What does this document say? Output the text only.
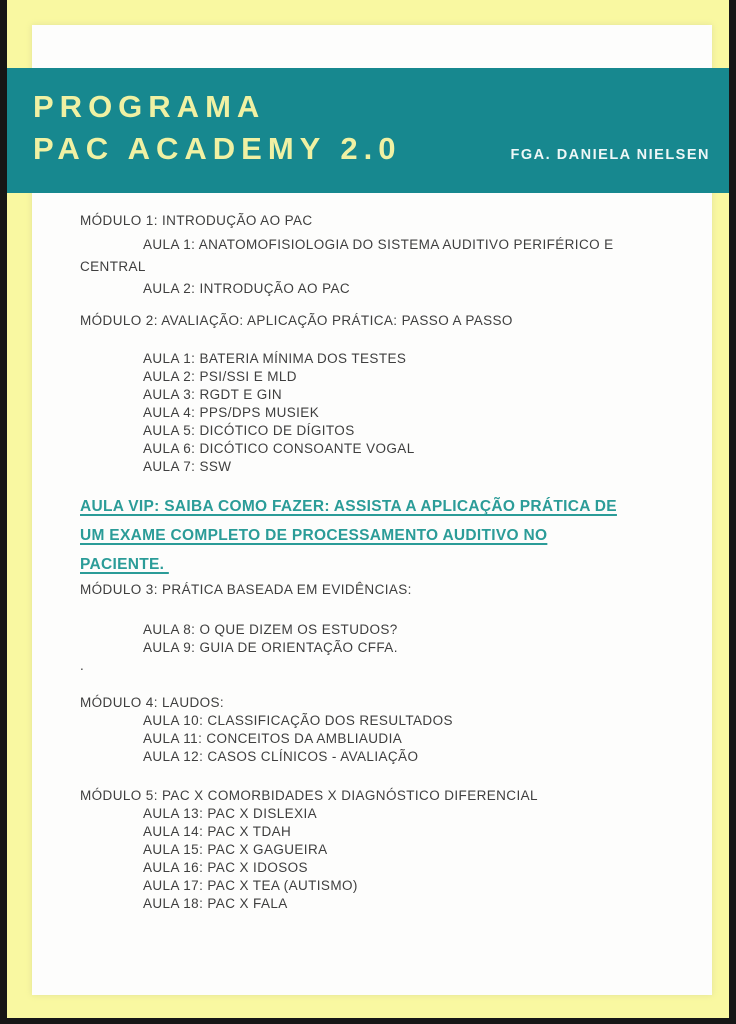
PROGRAMA
PAC ACADEMY 2.0	FGA. DANIELA NIELSEN
MÓDULO 1: INTRODUÇÃO AO PAC
AULA 1: ANATOMOFISIOLOGIA DO SISTEMA AUDITIVO PERIFÉRICO E
CENTRAL
AULA 2: INTRODUÇÃO AO PAC
MÓDULO 2: AVALIAÇÃO: APLICAÇÃO PRÁTICA: PASSO A PASSO
AULA 1: BATERIA MÍNIMA DOS TESTES
AULA 2: PSI/SSI E MLD
AULA 3: RGDT E GIN
AULA 4: PPS/DPS MUSIEK
AULA 5: DICÓTICO DE DÍGITOS
AULA 6: DICÓTICO CONSOANTE VOGAL
AULA 7: SSW
AULA VIP: SAIBA COMO FAZER: ASSISTA A APLICAÇÃO PRÁTICA DE
UM EXAME COMPLETO DE PROCESSAMENTO AUDITIVO NO
PACIENTE.
MÓDULO 3: PRÁTICA BASEADA EM EVIDÊNCIAS:
AULA 8: O QUE DIZEM OS ESTUDOS?
AULA 9: GUIA DE ORIENTAÇÃO CFFA.
.
MÓDULO 4: LAUDOS:
AULA 10: CLASSIFICAÇÃO DOS RESULTADOS
AULA 11: CONCEITOS DA AMBLIAUDIA
AULA 12: CASOS CLÍNICOS - AVALIAÇÃO
MÓDULO 5: PAC X COMORBIDADES X DIAGNÓSTICO DIFERENCIAL
AULA 13: PAC X DISLEXIA
AULA 14: PAC X TDAH
AULA 15: PAC X GAGUEIRA
AULA 16: PAC X IDOSOS
AULA 17: PAC X TEA (AUTISMO)
AULA 18: PAC X FALA
